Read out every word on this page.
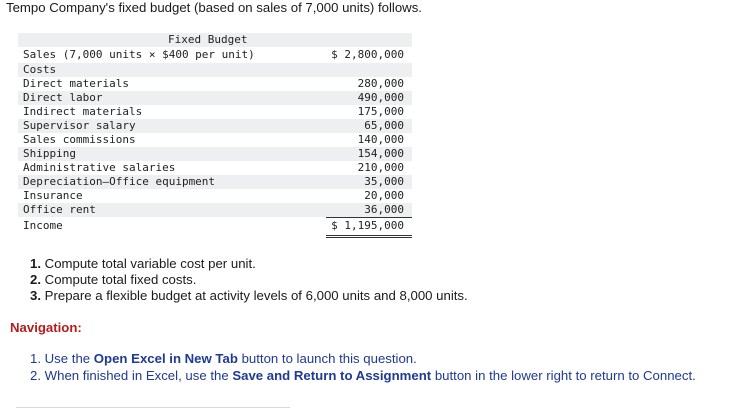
Tempo Company's fixed budget (based on sales of 7,000 units) follows.
Fixed Budget
Sales (7,000 units × $400 per unit)	$ 2,800,000
Costs
Direct materials	280,000
Direct labor	490,000
Indirect materials	175,000
Supervisor salary	65,000
Sales commissions	140,000
Shipping	154,000
Administrative salaries	210,000
Depreciation—Office equipment	35,000
Insurance	20,000
Office rent	36,000
Income	$ 1,195,000
1. Compute total variable cost per unit.
2. Compute total fixed costs.
3. Prepare a flexible budget at activity levels of 6,000 units and 8,000 units.
Navigation:
1. Use the Open Excel in New Tab button to launch this question.
2. When finished in Excel, use the Save and Return to Assignment button in the lower right to return to Connect.
